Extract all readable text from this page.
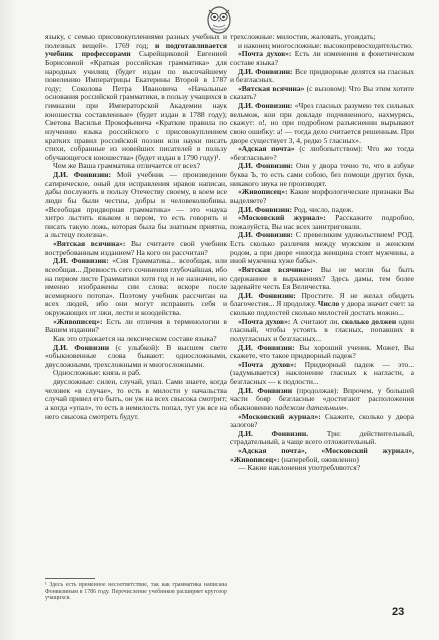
языку, с семью присовокуплениями разных учебных и полезных вещей». 1769 год; и подготавливается учебник профессорами Сырейщиковой Евгенией Борисовной «Краткая российская грамматика» для народных училищ (будет издан по высочайшему повелению Императрицы Екатерины Второй в 1787 году; Соколова Петра Ивановича «Начальные основания российской грамматики, в пользу учащихся в гимназии при Императорской Академии наук юношества составленные» (будет издан в 1788 году); Светова Василья Прокофьевича «Краткие правила по изучению языка российского с присовокуплением кратких правил российской поэзии или науки писать стихи, собранные из новейших писателей в пользу обучающегося юношества» (будет издан в 1790 году)¹.

Чем же Ваша грамматика отличается от всех?

Д.И. Фонвизин: Мой учебник — произведение сатирическое, оный для исправления нравов написан, дабы послужить в пользу Отечеству своему, в коем все люди бы были честны, добры и человеколюбивы. «Всеобщая придворная грамматика» — это «наука хитро льстить языком и пером, то есть говорить и писать такую ложь, которая была бы знатным приятна, а льстецу полезна».

«Вятская всячина»: Вы считаете свой учебник востребованным изданием? На кого он рассчитан?

Д.И. Фонвизин: «Сия Грамматика... всеобщая, или всеобщая... Древность сего сочинения глубочайшая, ибо на первом листе Грамматики хотя год и не назначен, но именно изображены сии слова: вскоре после всемирного потопа». Поэтому учебник рассчитан на всех людей, ибо они могут исправить себя и окружающих от лжи, лести и козодейства.

«Живописец»: Есть ли отличия в терминологии в Вашем издании?

Как это отражается на лексическом составе языка?

Д.И. Фонвизин (с улыбкой): В высшем свете «обыкновенные слова бывают: односложными, двусложными, трехсложными и многосложными.

Односложные: князь и раб.

двусложные: силен, случай, упал. Сами знаете, когда человек «в случае», то есть в милости у начальства случай привел его быть, он уж на всех свысока смотрит; а когда «упал», то есть в немилость попал, тут уж все на него свысока смотреть будут.

трехсложные: милостив, жаловать, угождать;

и наконец многосложные: высокопревосходительство.

«Почта духов»: Есть ли изменения в фонетическом составе языка?

Д.И. Фонвизин: Все придворные делятся на гласных и безгласных.

«Вятская всячина» (с вызовом): Что Вы этим хотите сказать?

Д.И. Фонвизин: «Чрез гласных разумею тех сильных вельмож, кои при докладе подчиненного, нахмурясь, скажут: о!, но при подробном разъяснении вырывают свою ошибку: а! — тогда дело считается решенным. При дворе существует 3, 4, редко 5 гласных».

«Адская почта» (с любопытством): Что же тогда «безгласные»?

Д.И. Фонвизин: Они у двора точно то, что в азбуке буква Ъ, то есть сами собою, без помощи других букв, никакого звука не производят.

«Живописец»: Какие морфологические признаки Вы выделяете?

Д.И. Фонвизин: Род, число, падеж.

«Московский журнал»: Расскажите подробно, пожалуйста, Вы нас всех заинтриговали.

Д.И. Фонвизин: С превеликим удовольствием! РОД. Есть сколько различия между мужским и женским родом, а при дворе «иногда женщина стоит мужчины, а иной мужчина хуже бабы».

«Вятская всячина»: Вы не могли бы быть сдержаннее в выражениях? Здесь дамы, тем более задевайте честь Ея Величества.

Д.И. Фонвизин: Простите. Я не желал обидеть благочестия... Я продолжу. Число у двора значит счет: за сколько подлостей сколько милостей достать можно...

«Почта духов»: А считают ли, сколько должен один гласный, чтобы устоять в гласных, попавших в полугласных и безгласных...

Д.И. Фонвизин: Вы хороший ученик. Может, Вы скажете, что такое придворный падеж?

«Почта духов»: Придворный падеж — это... (задумывается) наклонение гласных к нагласти, а безгласных — к подлости...

Д.И. Фонвизин (продолжая): Впрочем, у большей части бояр безгласные «достигают расположения обыкновенно падежом дательным».

«Московский журнал»: Скажите, сколько у двора залогов?

Д.И. Фонвизин. Три: действительный, страдательный, а чаще всего отложительный.

«Адская почта», «Московский журнал», «Живописец»: (наперебой, оживленно)

— Какие наклонения употребляются?

¹ Здесь есть временное несоответствие, так как грамматика написана Фонвизиным в 1786 году. Перечисление учебников расширяет кругозор учащихся.
23
